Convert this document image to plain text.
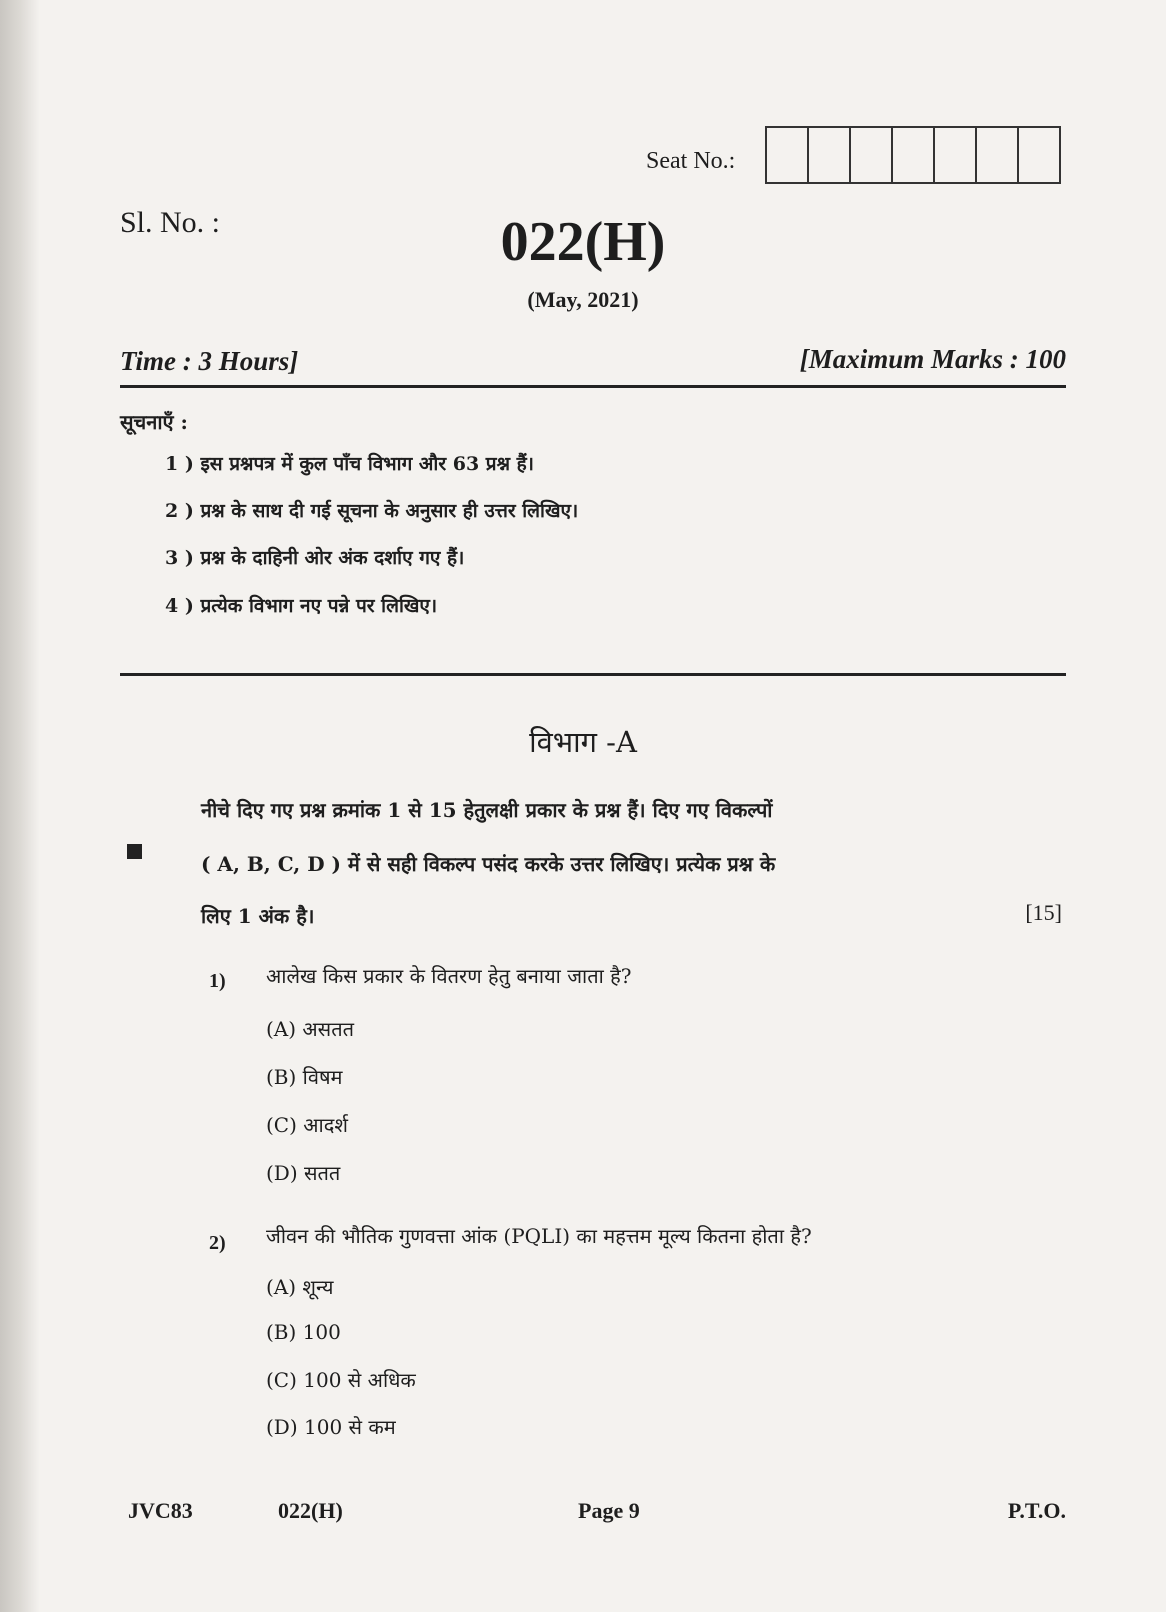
Seat No.:
Sl. No. :	022(H)
(May, 2021)
Time : 3 Hours]	[Maximum Marks : 100
सूचनाएँ :
1 ) इस प्रश्नपत्र में कुल पाँच विभाग और 63 प्रश्न हैं।
2 ) प्रश्न के साथ दी गई सूचना के अनुसार ही उत्तर लिखिए।
3 ) प्रश्न के दाहिनी ओर अंक दर्शाए गए हैं।
4 ) प्रत्येक विभाग नए पन्ने पर लिखिए।
विभाग -A
नीचे दिए गए प्रश्न क्रमांक 1 से 15 हेतुलक्षी प्रकार के प्रश्न हैं। दिए गए विकल्पों
( A, B, C, D ) में से सही विकल्प पसंद करके उत्तर लिखिए। प्रत्येक प्रश्न के
लिए 1 अंक है।	[15]
1) आलेख किस प्रकार के वितरण हेतु बनाया जाता है?
(A) असतत
(B) विषम
(C) आदर्श
(D) सतत
2) जीवन की भौतिक गुणवत्ता आंक (PQLI) का महत्तम मूल्य कितना होता है?
(A) शून्य
(B) 100
(C) 100 से अधिक
(D) 100 से कम
JVC83	022(H)	Page 9	P.T.O.
